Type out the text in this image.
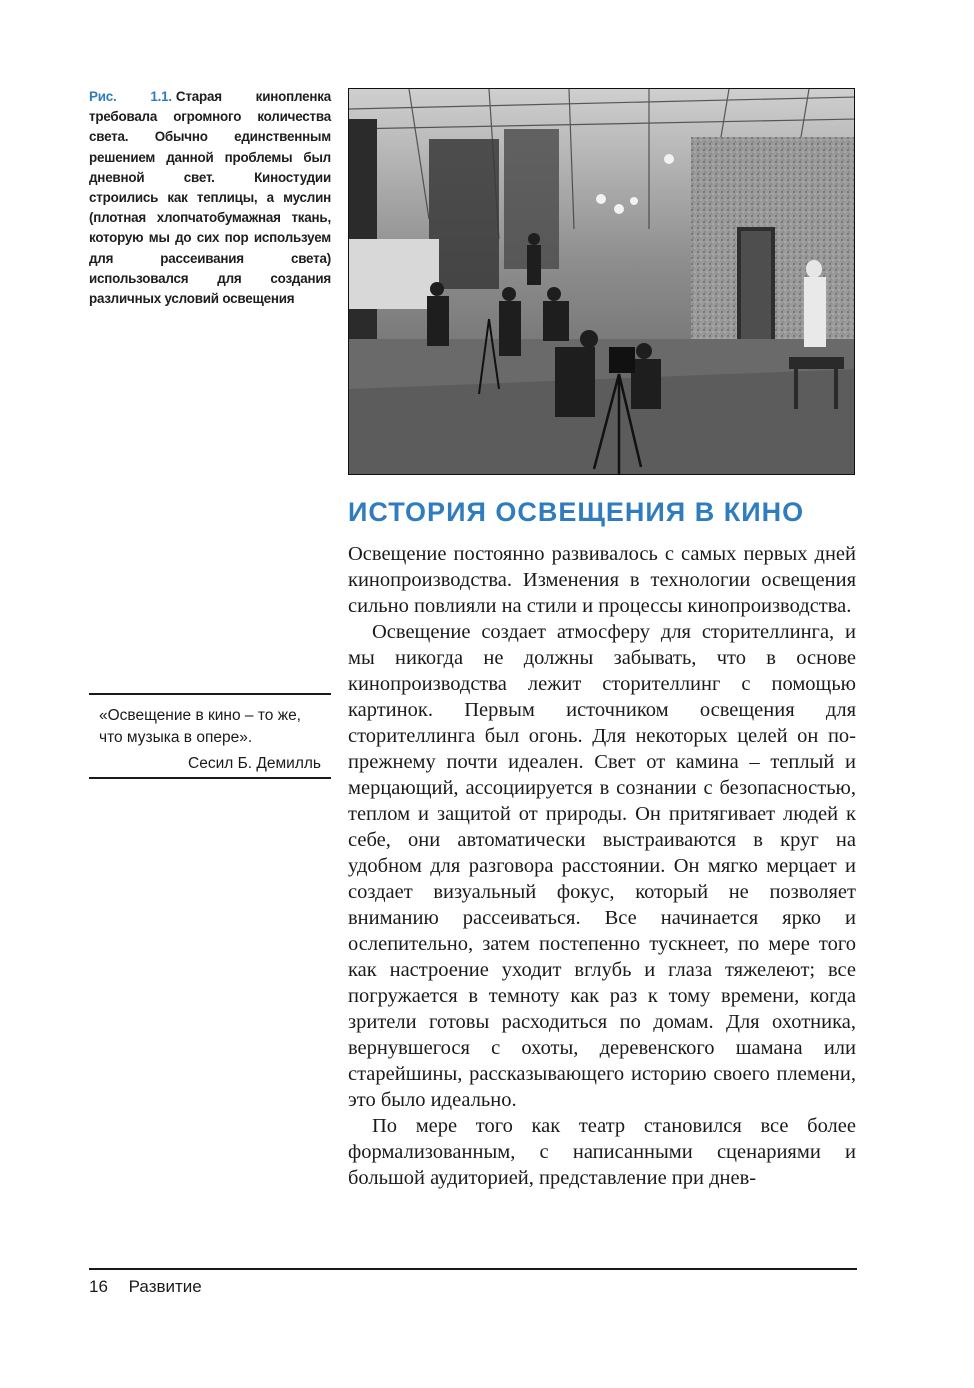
Рис. 1.1. Старая кинопленка требовала огромного количества света. Обычно единственным решением данной проблемы был дневной свет. Киностудии строились как теплицы, а муслин (плотная хлопчатобумажная ткань, которую мы до сих пор используем для рассеивания света) использовался для создания различных условий освещения
ИСТОРИЯ ОСВЕЩЕНИЯ В КИНО

Освещение постоянно развивалось с самых первых дней кинопроизводства. Изменения в технологии освещения сильно повлияли на стили и процессы кинопроизводства.

Освещение создает атмосферу для сторителлинга, и мы никогда не должны забывать, что в основе кинопроизводства лежит сторителлинг с помощью картинок. Первым источником освещения для сторителлинга был огонь. Для некоторых целей он по-прежнему почти идеален. Свет от камина – теплый и мерцающий, ассоциируется в сознании с безопасностью, теплом и защитой от природы. Он притягивает людей к себе, они автоматически выстраиваются в круг на удобном для разговора расстоянии. Он мягко мерцает и создает визуальный фокус, который не позволяет вниманию рассеиваться. Все начинается ярко и ослепительно, затем постепенно тускнеет, по мере того как настроение уходит вглубь и глаза тяжелеют; все погружается в темноту как раз к тому времени, когда зрители готовы расходиться по домам. Для охотника, вернувшегося с охоты, деревенского шамана или старейшины, рассказывающего историю своего племени, это было идеально.

По мере того как театр становился все более формализованным, с написанными сценариями и большой аудиторией, представление при днев-

«Освещение в кино – то же, что музыка в опере».
Сесил Б. Демилль
16 Развитие
